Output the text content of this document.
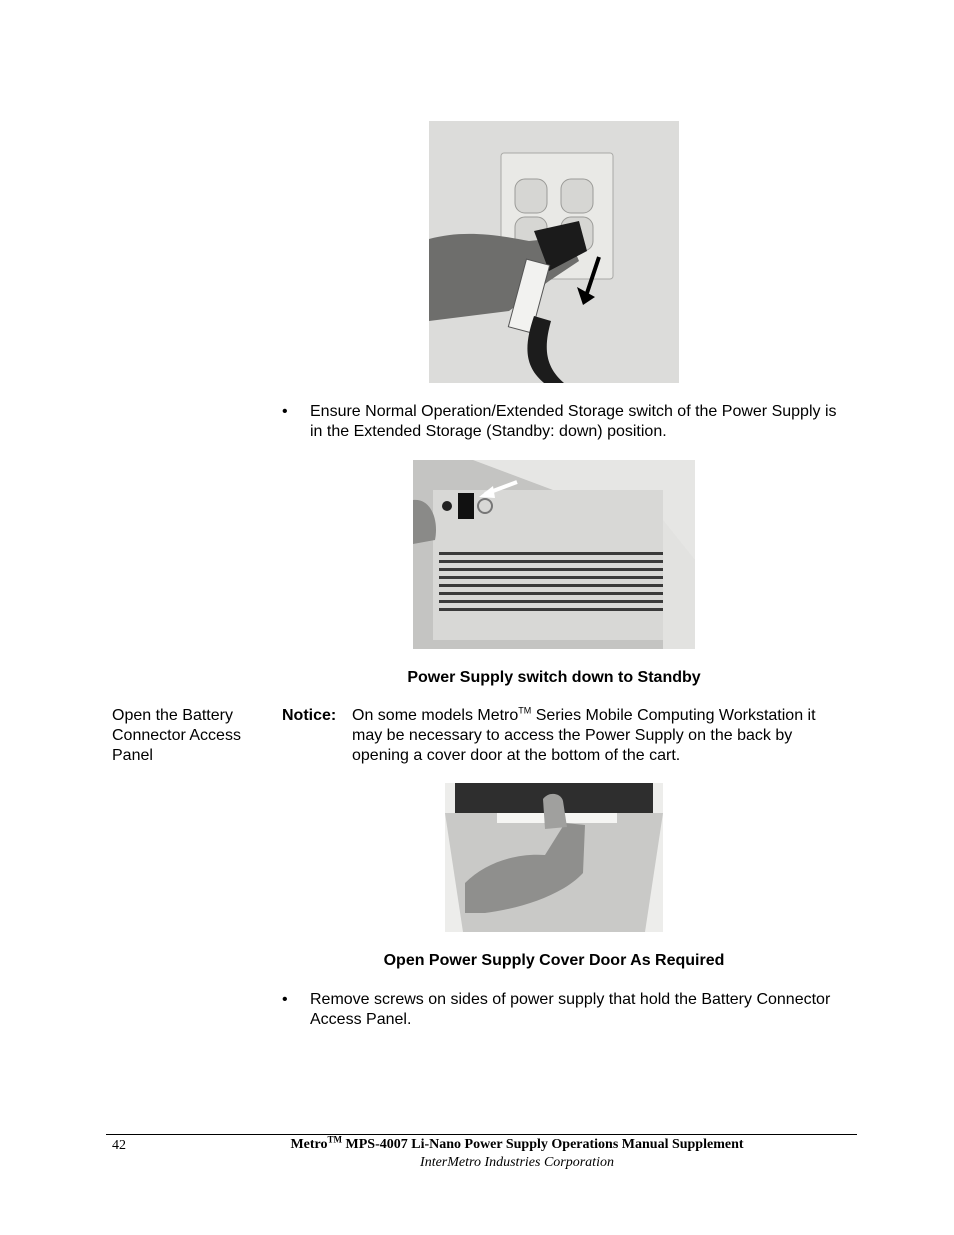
•	Ensure Normal Operation/Extended Storage switch of the Power Supply is in the Extended Storage (Standby: down) position.
Power Supply switch down to Standby
Open the Battery Connector Access Panel
Notice: On some models Metro™ Series Mobile Computing Workstation it may be necessary to access the Power Supply on the back by opening a cover door at the bottom of the cart.
Open Power Supply Cover Door As Required
•	Remove screws on sides of power supply that hold the Battery Connector Access Panel.
42	Metro™ MPS-4007 Li-Nano Power Supply Operations Manual Supplement
InterMetro Industries Corporation
